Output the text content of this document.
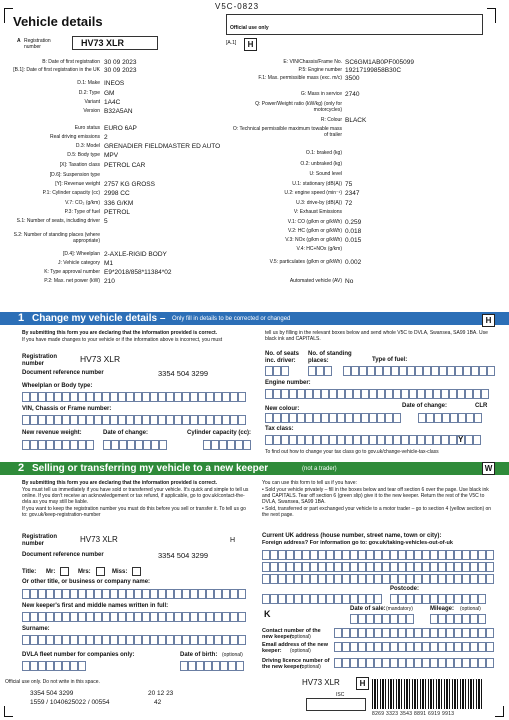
V5C-0823
Vehicle details	Official use only
A Registration number	HV73 XLR	[A.1]	H
B: Date of first registration 30 09 2023
[B.1]: Date of first registration in the UK 30 09 2023
D.1: Make INEOS
D.2: Type GM
Variant 1A4C
Version B32A5AN
Euro status EURO 6AP
Real driving emissions 2
D.3: Model GRENADIER FIELDMASTER ED AUTO
D.5: Body type MPV
[X]: Taxation class PETROL CAR
[D.6]: Suspension type
[Y]: Revenue weight 2757 KG GROSS
P.1: Cylinder capacity (cc) 2998 CC
V.7: CO₂ (g/km) 336 G/KM
P.3: Type of fuel PETROL
S.1: Number of seats, including driver 5
S.2: Number of standing places (where appropriate)
[D.4]: Wheelplan 2-AXLE-RIGID BODY
J: Vehicle category M1
K: Type approval number E9*2018/858*11384*02
P.2: Max. net power (kW) 210
E: VIN/Chassis/Frame No. SC6GM1AB0PF005099
P.5: Engine number 19217199858B30C
F.1: Max. permissible mass (exc. m/c) 3500
G: Mass in service 2740
Q: Power/Weight ratio (kW/kg) (only for motorcycles)
R: Colour BLACK
O: Technical permissible maximum towable mass of trailer
O.1: braked (kg)
O.2: unbraked (kg)
U: Sound level
U.1: stationary (dB(A)) 75
U.2: engine speed (min⁻¹) 2347
U.3: drive-by (dB(A)) 72
V: Exhaust Emissions
V.1: CO (g/km or g/kWh) 0.259
V.2: HC (g/km or g/kWh) 0.018
V.3: NOx (g/km or g/kWh) 0.015
V.4: HC+NOx (g/km)
V.5: particulates (g/km or g/kWh) 0.002
Automated vehicle (AV) No
1 Change my vehicle details – Only fill in details to be corrected or changed	H
By submitting this form you are declaring that the information provided is correct.
If you have made changes to your vehicle or if the information above is incorrect, you must
tell us by filling in the relevant boxes below and send whole V5C to DVLA, Swansea, SA99 1BA. Use black ink and CAPITALS.
Registration number	HV73 XLR
Document reference number	3354 504 3299
Wheelplan or Body type:
VIN, Chassis or Frame number:
New revenue weight:	Date of change:	Cylinder capacity (cc):
No. of seats inc. driver:
No. of standing places:	Type of fuel:
Engine number:
New colour:	Date of change:	CLR
Tax class:
Y
To find out how to change your tax class go to gov.uk/change-vehicle-tax-class
2 Selling or transferring my vehicle to a new keeper	(not a trader)	W
By submitting this form you are declaring that the information provided is correct.
You must tell us immediately if you have sold or transferred your vehicle. It's quick and simple to tell us online. If you don't receive an acknowledgement or tax refund, if applicable, go to gov.uk/contact-the-dvla as you may still be liable.
If you want to keep the registration number you must do this before you sell or transfer it. To tell us go to: gov.uk/keep-registration-number
You can use this form to tell us if you have:
• Sold your vehicle privately – fill in the boxes below and tear off section 6 over the page. Use black ink and CAPITALS. Tear off section 6 (green slip) give it to the new keeper. Return the rest of the V5C to DVLA, Swansea, SA99 1BA.
• Sold, transferred or part exchanged your vehicle to a motor trader – go to section 4 (yellow section) on the next page.
Registration number	HV73 XLR	H
Document reference number	3354 504 3299
Title: Mr:	Mrs:	Miss:
Or other title, or business or company name:
New keeper's first and middle names written in full:
Surname:
DVLA fleet number for companies only:	Date of birth: (optional)
Current UK address (house number, street name, town or city):
Foreign address? For information go to: gov.uk/taking-vehicles-out-of-uk
Postcode:
Date of sale: (mandatory)	Mileage: (optional)
K
Contact number of the new keeper:
(optional)
Email address of the new keeper:	(optional)
Driving licence number of the new keeper:
(optional)
Official use only. Do not write in this space.
3354 504 3299
1559 / 1040625022 / 00554
20 12 23
42
HV73 XLR	H
ISC
8269 3323 3543 8891 6919 9913
